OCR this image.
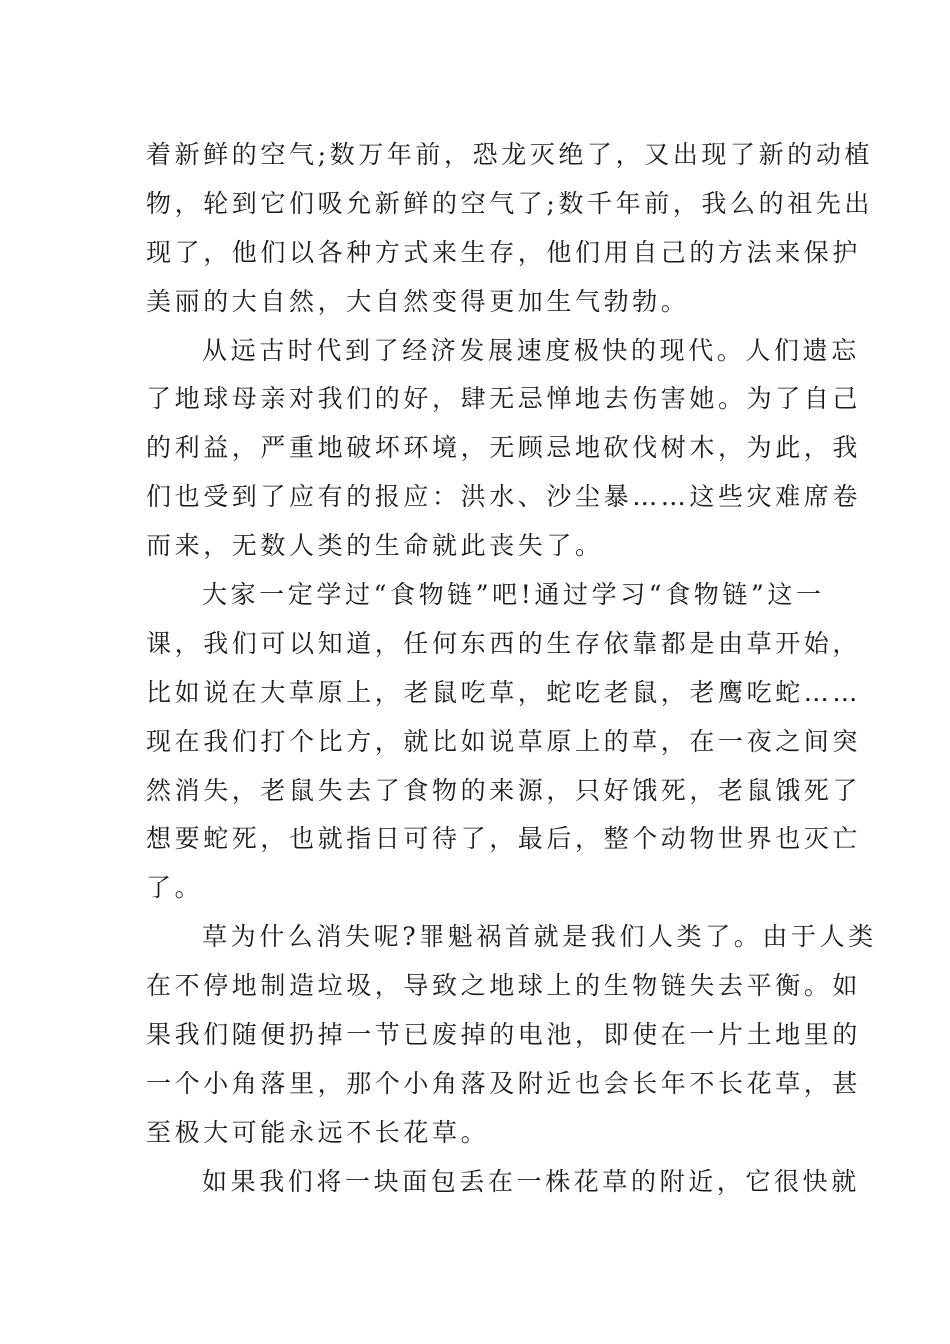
着新鲜的空气;数万年前，恐龙灭绝了，又出现了新的动植
物，轮到它们吸允新鲜的空气了;数千年前，我么的祖先出
现了，他们以各种方式来生存，他们用自己的方法来保护
美丽的大自然，大自然变得更加生气勃勃。
从远古时代到了经济发展速度极快的现代。人们遗忘
了地球母亲对我们的好，肆无忌惮地去伤害她。为了自己
的利益，严重地破坏环境，无顾忌地砍伐树木，为此，我
们也受到了应有的报应：洪水、沙尘暴……这些灾难席卷
而来，无数人类的生命就此丧失了。
大家一定学过“食物链”吧!通过学习“食物链”这一
课，我们可以知道，任何东西的生存依靠都是由草开始，
比如说在大草原上，老鼠吃草，蛇吃老鼠，老鹰吃蛇……
现在我们打个比方，就比如说草原上的草，在一夜之间突
然消失，老鼠失去了食物的来源，只好饿死，老鼠饿死了
想要蛇死，也就指日可待了，最后，整个动物世界也灭亡
了。
草为什么消失呢?罪魁祸首就是我们人类了。由于人类
在不停地制造垃圾，导致之地球上的生物链失去平衡。如
果我们随便扔掉一节已废掉的电池，即使在一片土地里的
一个小角落里，那个小角落及附近也会长年不长花草，甚
至极大可能永远不长花草。
如果我们将一块面包丢在一株花草的附近，它很快就
